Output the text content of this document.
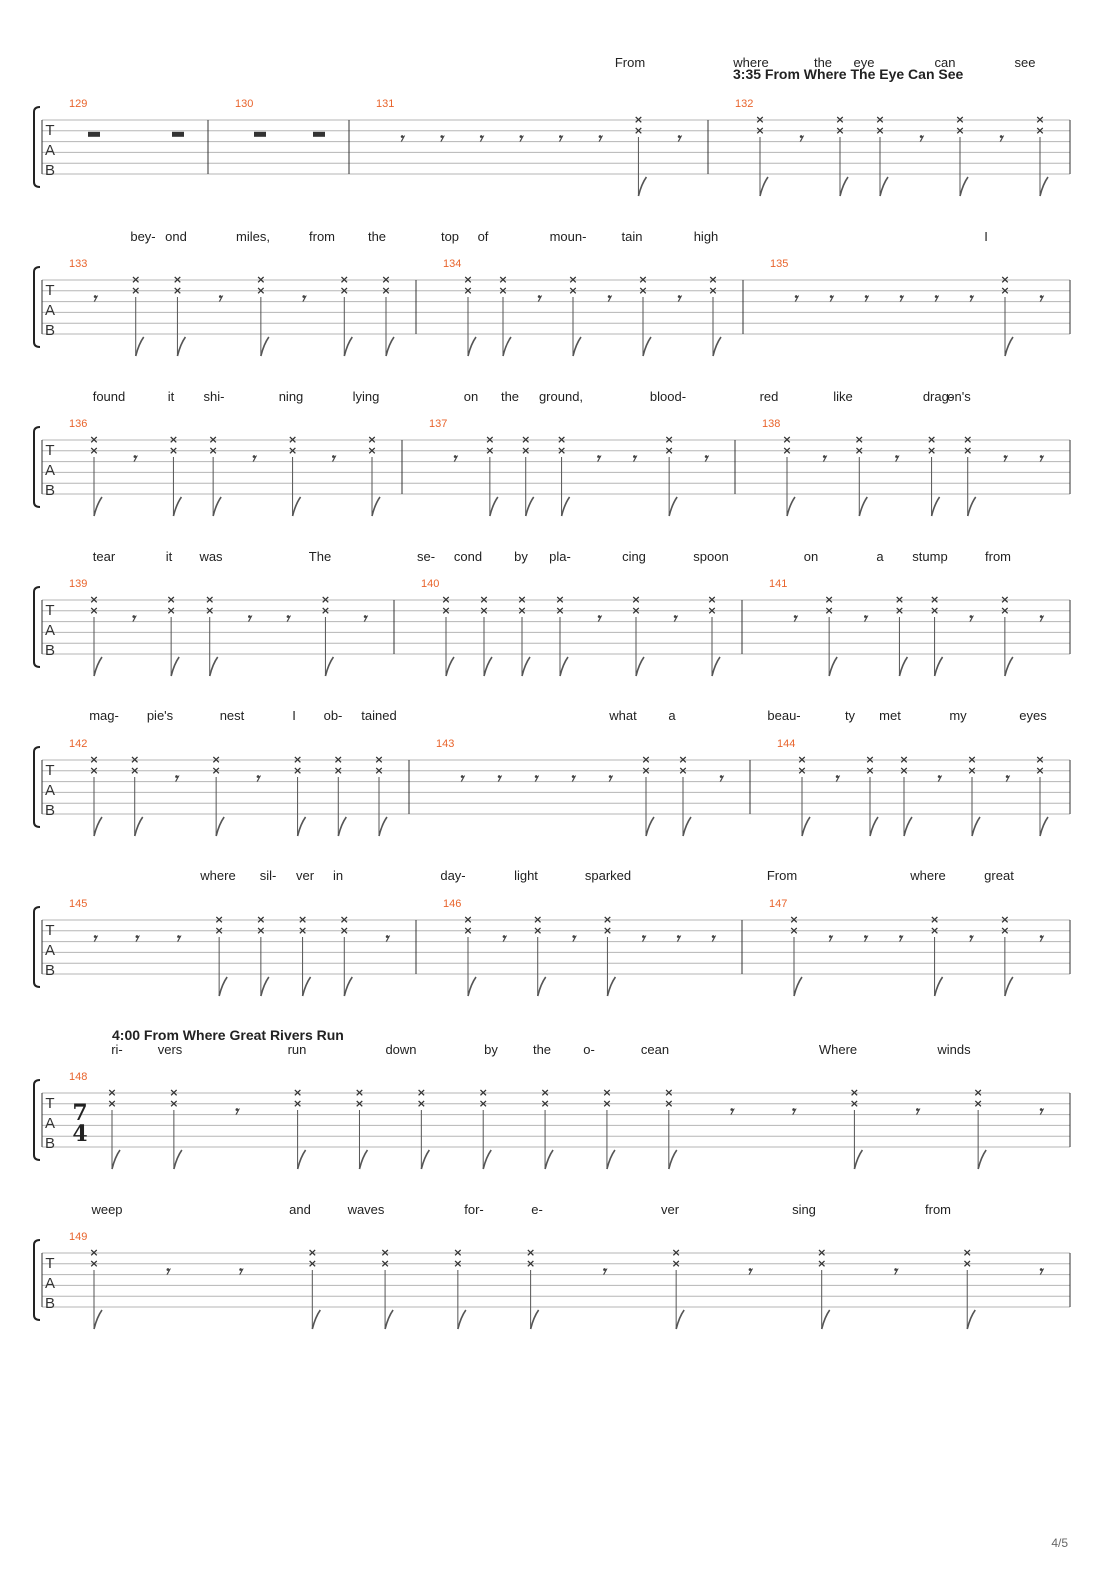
T
A
B
129	130	131	132
3:35 From Where The Eye Can See
From	where	the eye	can	see
𝄾 𝄾 𝄾 𝄾 𝄾 𝄾
×
× 𝄾
×
× 𝄾
×
×
×
× 𝄾
×
× 𝄾
×
×
T
A
B
133	134	135
bey- ond	miles,	from	the	top of	moun-	tain	high	I
𝄾
×
×
×
× 𝄾
×
× 𝄾
×
×
×
×
×
×
×
× 𝄾
×
× 𝄾
×
× 𝄾
×
×	𝄾 𝄾 𝄾 𝄾 𝄾 𝄾
×
× 𝄾
T
A
B
136	137	138
found	it shi-	ning	lying	on the ground,	blood-	red	like	drag-
on's
×
× 𝄾
×
×
×
× 𝄾
×
× 𝄾
×
×	𝄾
×
×
×
×
×
× 𝄾 𝄾
×
× 𝄾
×
× 𝄾
×
× 𝄾
×
×
×
× 𝄾 𝄾
T
A
B
139	140	141
tear	it was	The	se- cond by pla-	cing	spoon	on	a stump	from
×
× 𝄾
×
×
×
× 𝄾 𝄾
×
× 𝄾
×
×
×
×
×
×
×
× 𝄾
×
× 𝄾
×
×	𝄾
×
× 𝄾
×
×
×
× 𝄾
×
× 𝄾
T
A
B
142	143	144
mag- pie's	nest	I ob- tained	what a	beau-	ty met	my	eyes
×
×
×
× 𝄾
×
× 𝄾
×
×
×
×
×
×	𝄾 𝄾 𝄾 𝄾 𝄾
×
×
×
× 𝄾
×
× 𝄾
×
×
×
× 𝄾
×
× 𝄾
×
×
T
A
B
145	146	147
where sil- ver in	day-	light	sparked	From	where	great
𝄾 𝄾 𝄾
×
×
×
×
×
×
×
× 𝄾
×
× 𝄾
×
× 𝄾
×
× 𝄾 𝄾 𝄾
×
× 𝄾 𝄾 𝄾
×
× 𝄾
×
× 𝄾
T
A
B
7
4
148
4:00 From Where Great Rivers Run
ri-	vers	run	down	by	the o-	cean	Where	winds
×
×
×
×	𝄾
×
×
×
×
×
×
×
×
×
×
×
×
×
×	𝄾	𝄾
×
×	𝄾
×
×	𝄾
T
A
B
149
weep	and	waves	for-	e-	ver	sing	from
×
×	𝄾	𝄾
×
×
×
×
×
×
×
×	𝄾
×
×	𝄾
×
×	𝄾
×
×	𝄾
4/5
